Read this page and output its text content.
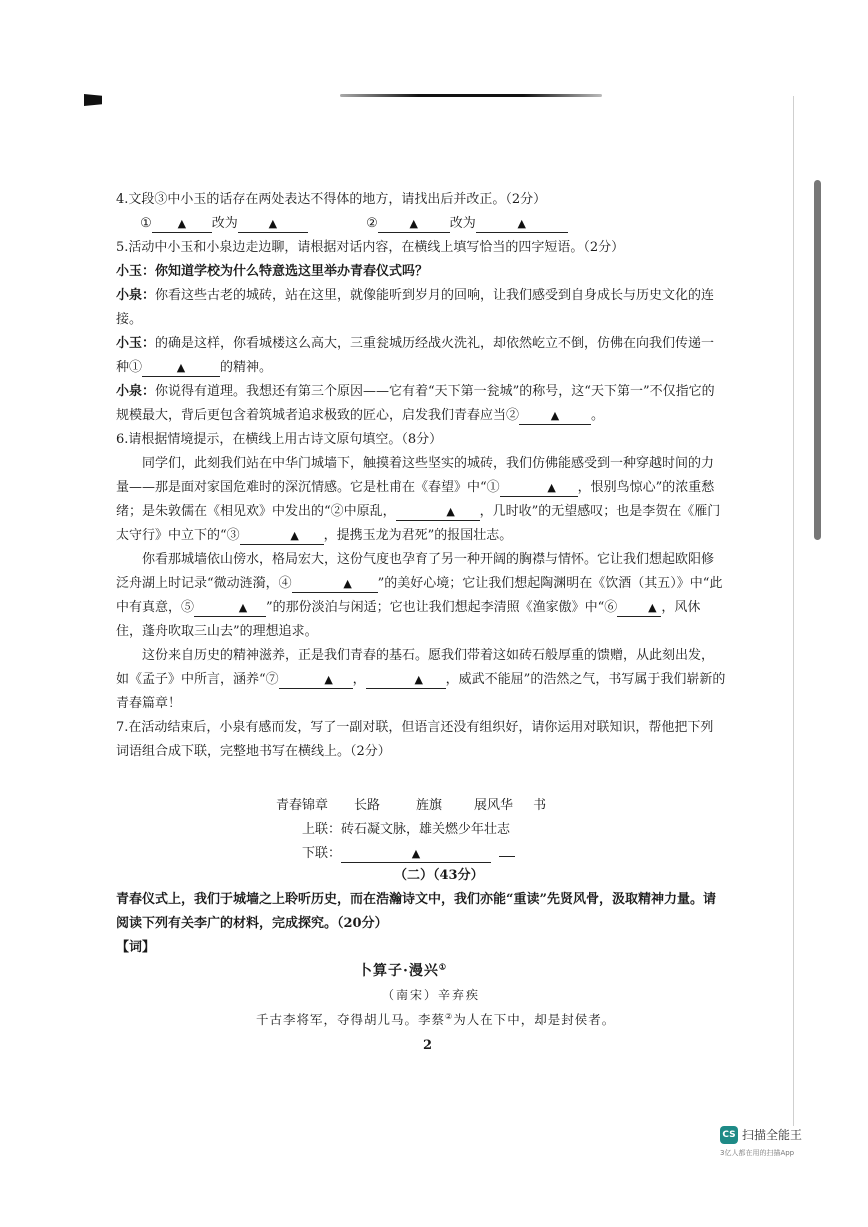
4.文段③中小玉的话存在两处表达不得体的地方，请找出后并改正。（2分）

① ▲ 改为	▲	②	▲ 改为	▲

5.活动中小玉和小泉边走边聊，请根据对话内容，在横线上填写恰当的四字短语。（2分）

小玉：你知道学校为什么特意选这里举办青春仪式吗？

小泉：你看这些古老的城砖，站在这里，就像能听到岁月的回响，让我们感受到自身成长与历史文化的连接。

小玉：的确是这样，你看城楼这么高大，三重瓮城历经战火洗礼，却依然屹立不倒，仿佛在向我们传递一种①	▲	的精神。

小泉：你说得有道理。我想还有第三个原因——它有着“天下第一瓮城”的称号，这“天下第一”不仅指它的规模最大，背后更包含着筑城者追求极致的匠心，启发我们青春应当②	▲ 。

6.请根据情境提示，在横线上用古诗文原句填空。（8分）

同学们，此刻我们站在中华门城墙下，触摸着这些坚实的城砖，我们仿佛能感受到一种穿越时间的力量——那是面对家国危难时的深沉情感。它是杜甫在《春望》中“①	▲ ，恨别鸟惊心”的浓重愁绪；是朱敦儒在《相见欢》中发出的“②中原乱，	▲ ，几时收”的无望感叹；也是李贺在《雁门太守行》中立下的“③	▲ ，提携玉龙为君死”的报国壮志。

你看那城墙依山傍水，格局宏大，这份气度也孕育了另一种开阔的胸襟与情怀。它让我们想起欧阳修泛舟湖上时记录“微动涟漪，④	▲ ”的美好心境；它让我们想起陶渊明在《饮酒（其五）》中“此中有真意，⑤	▲ ”的那份淡泊与闲适；它也让我们想起李清照《渔家傲》中“⑥	▲ ，风休住，蓬舟吹取三山去”的理想追求。

这份来自历史的精神滋养，正是我们青春的基石。愿我们带着这如砖石般厚重的馈赠，从此刻出发，如《孟子》中所言，涵养“⑦	▲ ，	▲ ，威武不能屈”的浩然之气，书写属于我们崭新的青春篇章！

7.在活动结束后，小泉有感而发，写了一副对联，但语言还没有组织好，请你运用对联知识，帮他把下列词语组合成下联，完整地书写在横线上。（2分）

青春锦章 长路	旌旗 展风华 书
上联：砖石凝文脉，雄关燃少年壮志
下联：	▲
（二）（43分）
青春仪式上，我们于城墙之上聆听历史，而在浩瀚诗文中，我们亦能“重读”先贤风骨，汲取精神力量。请阅读下列有关李广的材料，完成探究。（20分）
【词】
卜算子·漫兴①
（南宋）辛弃疾
千古李将军，夺得胡儿马。李蔡②为人在下中，却是封侯者。
2
CS 扫描全能王
3亿人都在用的扫描App
